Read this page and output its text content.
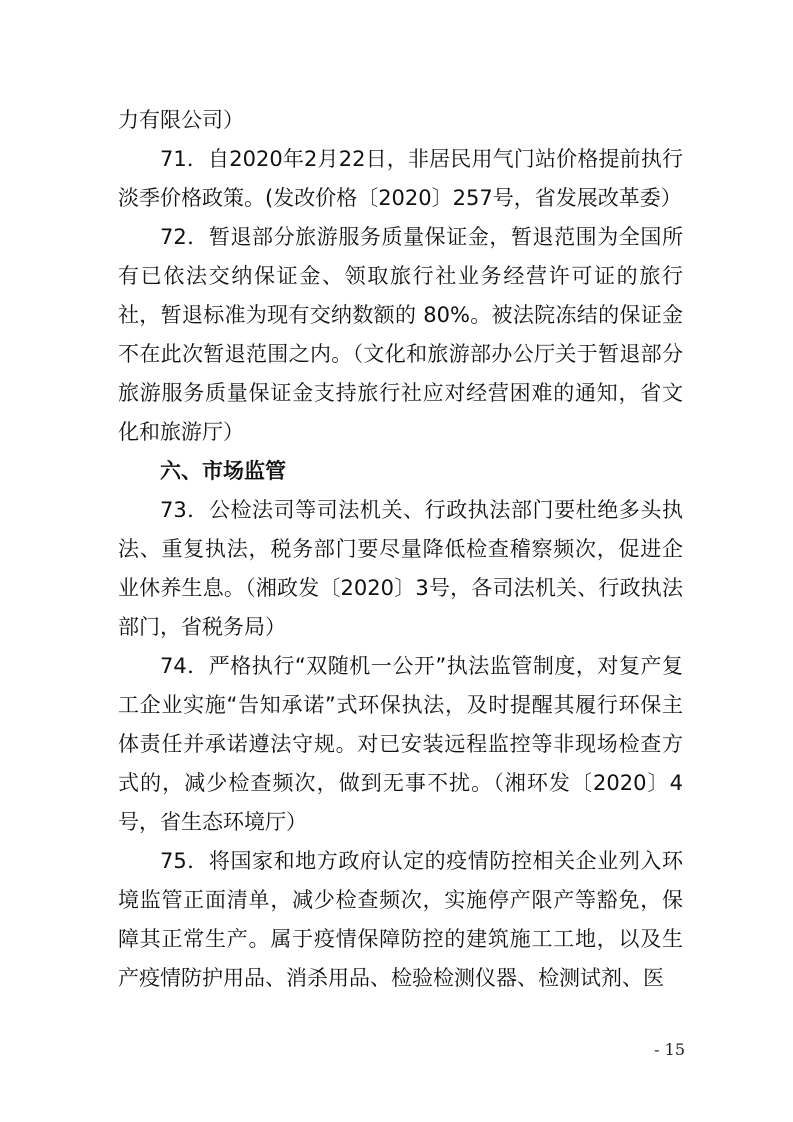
力有限公司）

71．自2020年2月22日，非居民用气门站价格提前执行淡季价格政策。(发改价格〔2020〕257号，省发展改革委）

72．暂退部分旅游服务质量保证金，暂退范围为全国所有已依法交纳保证金、领取旅行社业务经营许可证的旅行社，暂退标准为现有交纳数额的 80%。被法院冻结的保证金不在此次暂退范围之内。（文化和旅游部办公厅关于暂退部分旅游服务质量保证金支持旅行社应对经营困难的通知，省文化和旅游厅）

六、市场监管

73．公检法司等司法机关、行政执法部门要杜绝多头执法、重复执法，税务部门要尽量降低检查稽察频次，促进企业休养生息。（湘政发〔2020〕3号，各司法机关、行政执法部门，省税务局）

74．严格执行“双随机一公开”执法监管制度，对复产复工企业实施“告知承诺”式环保执法，及时提醒其履行环保主体责任并承诺遵法守规。对已安装远程监控等非现场检查方式的，减少检查频次，做到无事不扰。（湘环发〔2020〕4号，省生态环境厅）

75．将国家和地方政府认定的疫情防控相关企业列入环境监管正面清单，减少检查频次，实施停产限产等豁免，保障其正常生产。属于疫情保障防控的建筑施工工地，以及生产疫情防护用品、消杀用品、检验检测仪器、检测试剂、医

- 15
